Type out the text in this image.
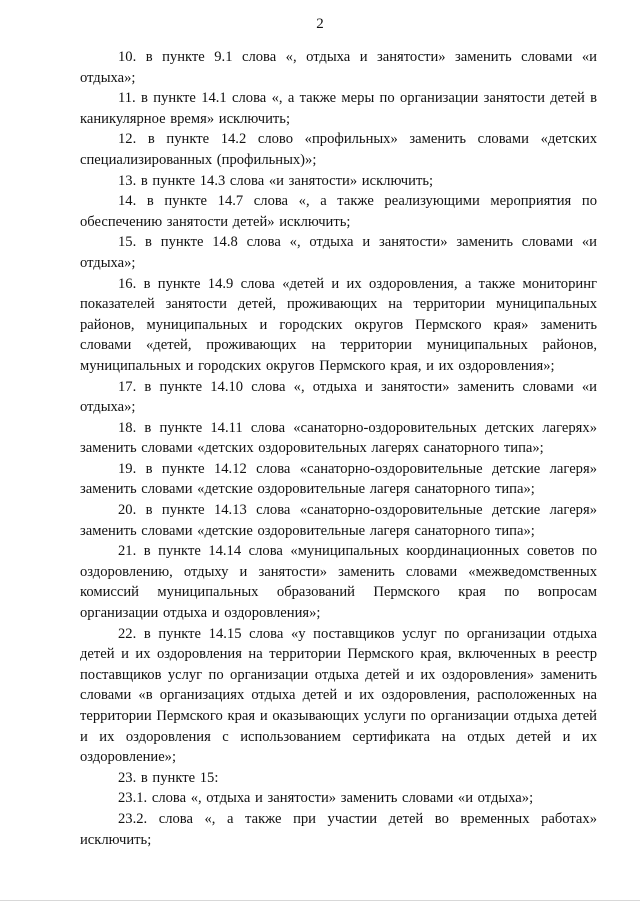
2

10. в пункте 9.1 слова «, отдыха и занятости» заменить словами «и отдыха»;

11. в пункте 14.1 слова «, а также меры по организации занятости детей в каникулярное время» исключить;

12. в пункте 14.2 слово «профильных» заменить словами «детских специализированных (профильных)»;

13. в пункте 14.3 слова «и занятости» исключить;

14. в пункте 14.7 слова «, а также реализующими мероприятия по обеспечению занятости детей» исключить;

15. в пункте 14.8 слова «, отдыха и занятости» заменить словами «и отдыха»;

16. в пункте 14.9 слова «детей и их оздоровления, а также мониторинг показателей занятости детей, проживающих на территории муниципальных районов, муниципальных и городских округов Пермского края» заменить словами «детей, проживающих на территории муниципальных районов, муниципальных и городских округов Пермского края, и их оздоровления»;

17. в пункте 14.10 слова «, отдыха и занятости» заменить словами «и отдыха»;

18. в пункте 14.11 слова «санаторно-оздоровительных детских лагерях» заменить словами «детских оздоровительных лагерях санаторного типа»;

19. в пункте 14.12 слова «санаторно-оздоровительные детские лагеря» заменить словами «детские оздоровительные лагеря санаторного типа»;

20. в пункте 14.13 слова «санаторно-оздоровительные детские лагеря» заменить словами «детские оздоровительные лагеря санаторного типа»;

21. в пункте 14.14 слова «муниципальных координационных советов по оздоровлению, отдыху и занятости» заменить словами «межведомственных комиссий муниципальных образований Пермского края по вопросам организации отдыха и оздоровления»;

22. в пункте 14.15 слова «у поставщиков услуг по организации отдыха детей и их оздоровления на территории Пермского края, включенных в реестр поставщиков услуг по организации отдыха детей и их оздоровления» заменить словами «в организациях отдыха детей и их оздоровления, расположенных на территории Пермского края и оказывающих услуги по организации отдыха детей и их оздоровления с использованием сертификата на отдых детей и их оздоровление»;

23. в пункте 15:

23.1. слова «, отдыха и занятости» заменить словами «и отдыха»;

23.2. слова «, а также при участии детей во временных работах» исключить;
